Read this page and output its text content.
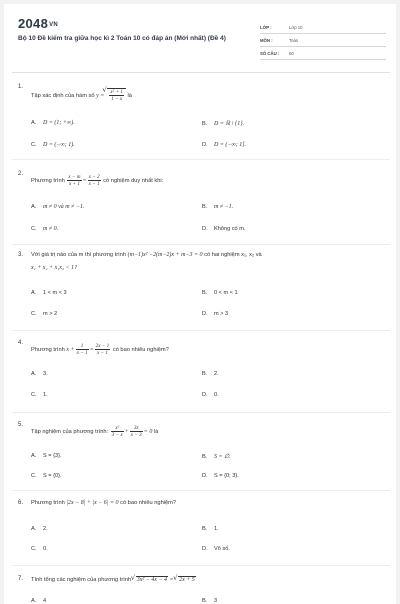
2048VN
Bộ 10 Đề kiểm tra giữa học kì 2 Toán 10 có đáp án (Mới nhất) (Đề 4)
LỚP :	Lớp 10
MÔN :	Toán
SỐ CÂU :	50
1.
Tập xác định của hàm số y = √ $\frac{\text{x² + 1}}{1 - x}$ là
A. D = (1; +∞).	B. D = ℝ \ {1}.
C. D = (−∞; 1).	D. D = (−∞; 1].
2.
Phương trình $\frac{x - m}{x + 1} = \frac{x - 2}{x - 1}$ có nghiệm duy nhất khi:
A. m ≠ 0 và m ≠ −1.	B. m ≠ −1.
C. m ≠ 0.	D. Không có m.
3. Với giá trị nào của m thì phương trình (m−1)x² −2(m−2)x + m−3 = 0 có hai nghiệm x₁, x₂ và
x₁ + x₂ + x₁x₂ < 1?
A. 1 < m < 3	B. 0 < m < 1
C. m > 2	D. m > 3
4.
Phương trình $x + \frac{1}{x - 1} = \frac{2x - 1}{x - 1}$ có bao nhiêu nghiệm?
A. 3.	B. 2.
C. 1.	D. 0.
5.
Tập nghiệm của phương trình: $\frac{\text{x²}}{3 - x} + \frac{3x}{x - 3} = 0$ là
A. S = {3}.	B. S = ∅.
C. S = {0}.	D. S = {0; 3}.
6. Phương trình |2x − 8| + |x − 6| = 0 có bao nhiêu nghiệm?
A. 2.	B. 1.
C. 0.	D. Vô số.
7. Tính tổng các nghiệm của phương trình √ 3x² − 4x − 4 = √ 2x + 5
A. 4	B. 3
